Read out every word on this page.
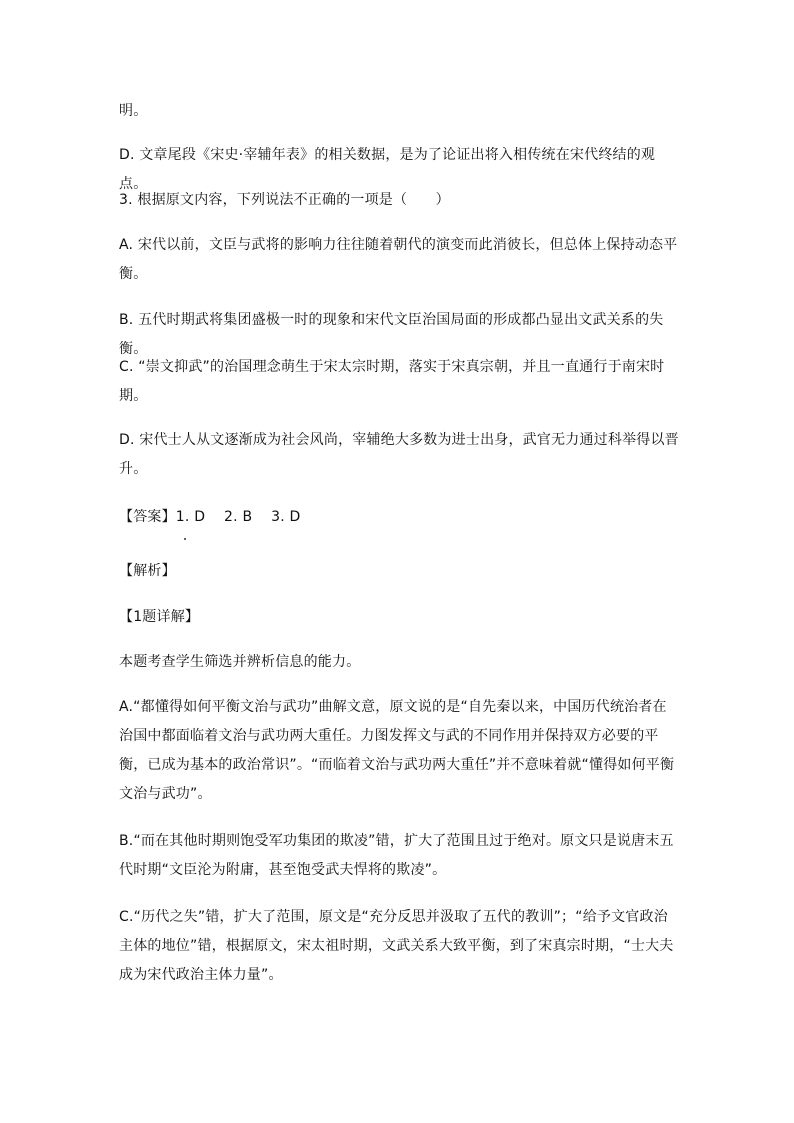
明。
D. 文章尾段《宋史·宰辅年表》的相关数据，是为了论证出将入相传统在宋代终结的观点。
3. 根据原文内容，下列说法不正确的一项是（　　）
A. 宋代以前，文臣与武将的影响力往往随着朝代的演变而此消彼长，但总体上保持动态平衡。
B. 五代时期武将集团盛极一时的现象和宋代文臣治国局面的形成都凸显出文武关系的失衡。
C. “崇文抑武”的治国理念萌生于宋太宗时期，落实于宋真宗朝，并且一直通行于南宋时期。
D. 宋代士人从文逐渐成为社会风尚，宰辅绝大多数为进士出身，武官无力通过科举得以晋升。
【答案】1. D　 2. B　 3. D
【解析】
【1题详解】
本题考查学生筛选并辨析信息的能力。
A.“都懂得如何平衡文治与武功”曲解文意，原文说的是“自先秦以来，中国历代统治者在治国中都面临着文治与武功两大重任。力图发挥文与武的不同作用并保持双方必要的平衡，已成为基本的政治常识”。“而临着文治与武功两大重任”并不意味着就“懂得如何平衡文治与武功”。
B.“而在其他时期则饱受军功集团的欺凌”错，扩大了范围且过于绝对。原文只是说唐末五代时期“文臣沦为附庸，甚至饱受武夫悍将的欺凌”。
C.“历代之失”错，扩大了范围，原文是“充分反思并汲取了五代的教训”；“给予文官政治主体的地位”错，根据原文，宋太祖时期，文武关系大致平衡，到了宋真宗时期，“士大夫成为宋代政治主体力量”。
